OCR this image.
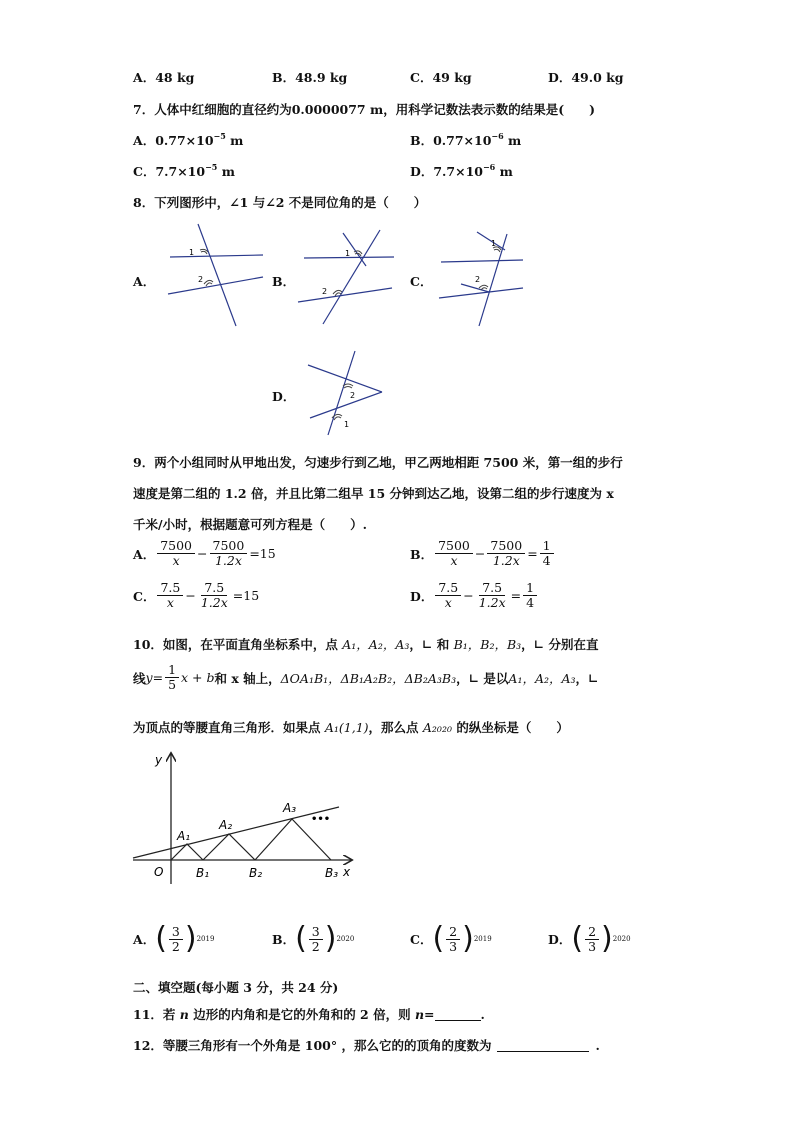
A．48 kg	B．48.9 kg	C．49 kg	D．49.0 kg
7．人体中红细胞的直径约为0.0000077 m，用科学记数法表示数的结果是(　　)
A．$0.77\times 10^{-5}$ m	B．$0.77\times 10^{-6}$ m
C．$7.7\times 10^{-5}$ m	D．$7.7\times 10^{-6}$ m
8．下列图形中，∠1 与∠2 不是同位角的是（　　）
A．
1
2	B．
1
2
C．
1
2
D．	2
1
9．两个小组同时从甲地出发，匀速步行到乙地，甲乙两地相距 7500 米，第一组的步行
速度是第二组的 1.2 倍，并且比第二组早 15 分钟到达乙地，设第二组的步行速度为 x
千米/小时，根据题意可列方程是（　　）.
A． $\frac{7500}{x} - \frac{7500}{1.2x} = 15$	B． $\frac{7500}{x} - \frac{7500}{1.2x} = \frac{1}{4}$
C． $\frac{7.5}{x} - \frac{7.5}{1.2x} = 15$	D． $\frac{7.5}{x} - \frac{7.5}{1.2x} = \frac{1}{4}$
10．如图，在平面直角坐标系中，点 A₁，A₂，A₃，∟ 和 B₁，B₂，B₃，∟ 分别在直
线 $y = \frac{1}{5}$ x + b 和 x 轴上， ΔOA₁B₁，ΔB₁A₂B₂，ΔB₂A₃B₃ ，∟ 是以 A₁，A₂，A₃ ，∟
为顶点的等腰直角三角形．如果点 A₁(1,1)，那么点 A₂₀₂₀ 的纵坐标是（　　）
y
x
O
A₁
A₂
A₃
•••
B₁	B₂	B₃
A． ( $\frac{3}{2}$ ) 2019	B． ( $\frac{3}{2}$ ) 2020	C． ( $\frac{2}{3}$ ) 2019	D． ( $\frac{2}{3}$ ) 2020
二、填空题(每小题 3 分，共 24 分)
11．若 n 边形的内角和是它的外角和的 2 倍，则 n=	.
12．等腰三角形有一个外角是 100° ，那么它的的顶角的度数为	.
